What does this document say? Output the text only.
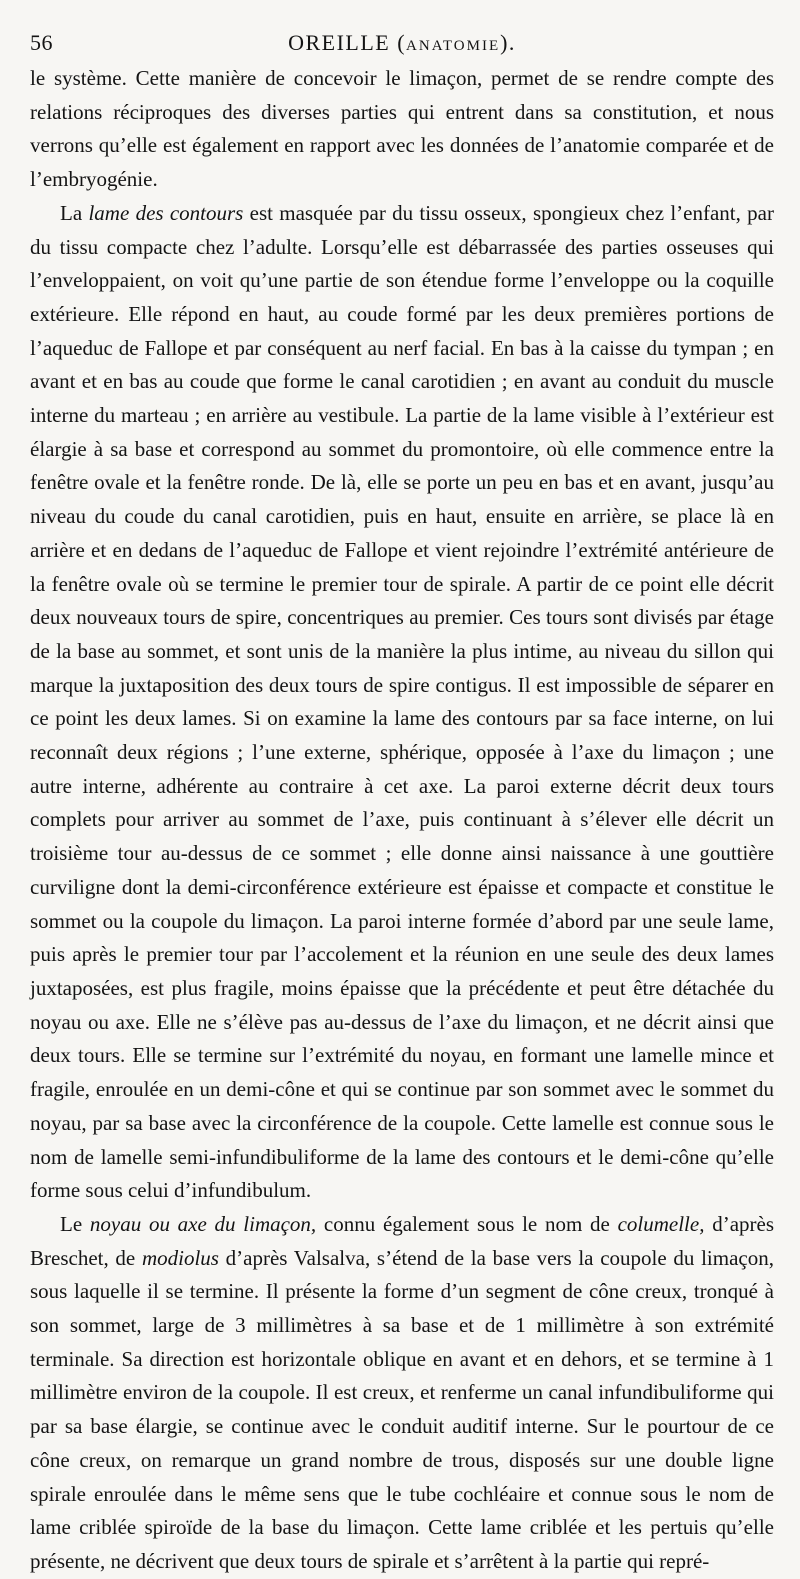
56	OREILLE (ANATOMIE).

le système. Cette manière de concevoir le limaçon, permet de se rendre compte des relations réciproques des diverses parties qui entrent dans sa constitution, et nous verrons qu’elle est également en rapport avec les données de l’anatomie comparée et de l’embryogénie.

La lame des contours est masquée par du tissu osseux, spongieux chez l’enfant, par du tissu compacte chez l’adulte. Lorsqu’elle est débarrassée des parties osseuses qui l’enveloppaient, on voit qu’une partie de son étendue forme l’enveloppe ou la coquille extérieure. Elle répond en haut, au coude formé par les deux premières portions de l’aqueduc de Fallope et par conséquent au nerf facial. En bas à la caisse du tympan ; en avant et en bas au coude que forme le canal carotidien ; en avant au conduit du muscle interne du marteau ; en arrière au vestibule. La partie de la lame visible à l’extérieur est élargie à sa base et correspond au sommet du promontoire, où elle commence entre la fenêtre ovale et la fenêtre ronde. De là, elle se porte un peu en bas et en avant, jusqu’au niveau du coude du canal carotidien, puis en haut, ensuite en arrière, se place là en arrière et en dedans de l’aqueduc de Fallope et vient rejoindre l’extrémité antérieure de la fenêtre ovale où se termine le premier tour de spirale. A partir de ce point elle décrit deux nouveaux tours de spire, concentriques au premier. Ces tours sont divisés par étage de la base au sommet, et sont unis de la manière la plus intime, au niveau du sillon qui marque la juxtaposition des deux tours de spire contigus. Il est impossible de séparer en ce point les deux lames. Si on examine la lame des contours par sa face interne, on lui reconnaît deux régions ; l’une externe, sphérique, opposée à l’axe du limaçon ; une autre interne, adhérente au contraire à cet axe. La paroi externe décrit deux tours complets pour arriver au sommet de l’axe, puis continuant à s’élever elle décrit un troisième tour au-dessus de ce sommet ; elle donne ainsi naissance à une gouttière curviligne dont la demi-circonférence extérieure est épaisse et compacte et constitue le sommet ou la coupole du limaçon. La paroi interne formée d’abord par une seule lame, puis après le premier tour par l’accolement et la réunion en une seule des deux lames juxtaposées, est plus fragile, moins épaisse que la précédente et peut être détachée du noyau ou axe. Elle ne s’élève pas au-dessus de l’axe du limaçon, et ne décrit ainsi que deux tours. Elle se termine sur l’extrémité du noyau, en formant une lamelle mince et fragile, enroulée en un demi-cône et qui se continue par son sommet avec le sommet du noyau, par sa base avec la circonférence de la coupole. Cette lamelle est connue sous le nom de lamelle semi-infundibuliforme de la lame des contours et le demi-cône qu’elle forme sous celui d’infundibulum.

Le noyau ou axe du limaçon, connu également sous le nom de columelle, d’après Breschet, de modiolus d’après Valsalva, s’étend de la base vers la coupole du limaçon, sous laquelle il se termine. Il présente la forme d’un segment de cône creux, tronqué à son sommet, large de 3 millimètres à sa base et de 1 millimètre à son extrémité terminale. Sa direction est horizontale oblique en avant et en dehors, et se termine à 1 millimètre environ de la coupole. Il est creux, et renferme un canal infundibuliforme qui par sa base élargie, se continue avec le conduit auditif interne. Sur le pourtour de ce cône creux, on remarque un grand nombre de trous, disposés sur une double ligne spirale enroulée dans le même sens que le tube cochléaire et connue sous le nom de lame criblée spiroïde de la base du limaçon. Cette lame criblée et les pertuis qu’elle présente, ne décrivent que deux tours de spirale et s’arrêtent à la partie qui repré-
